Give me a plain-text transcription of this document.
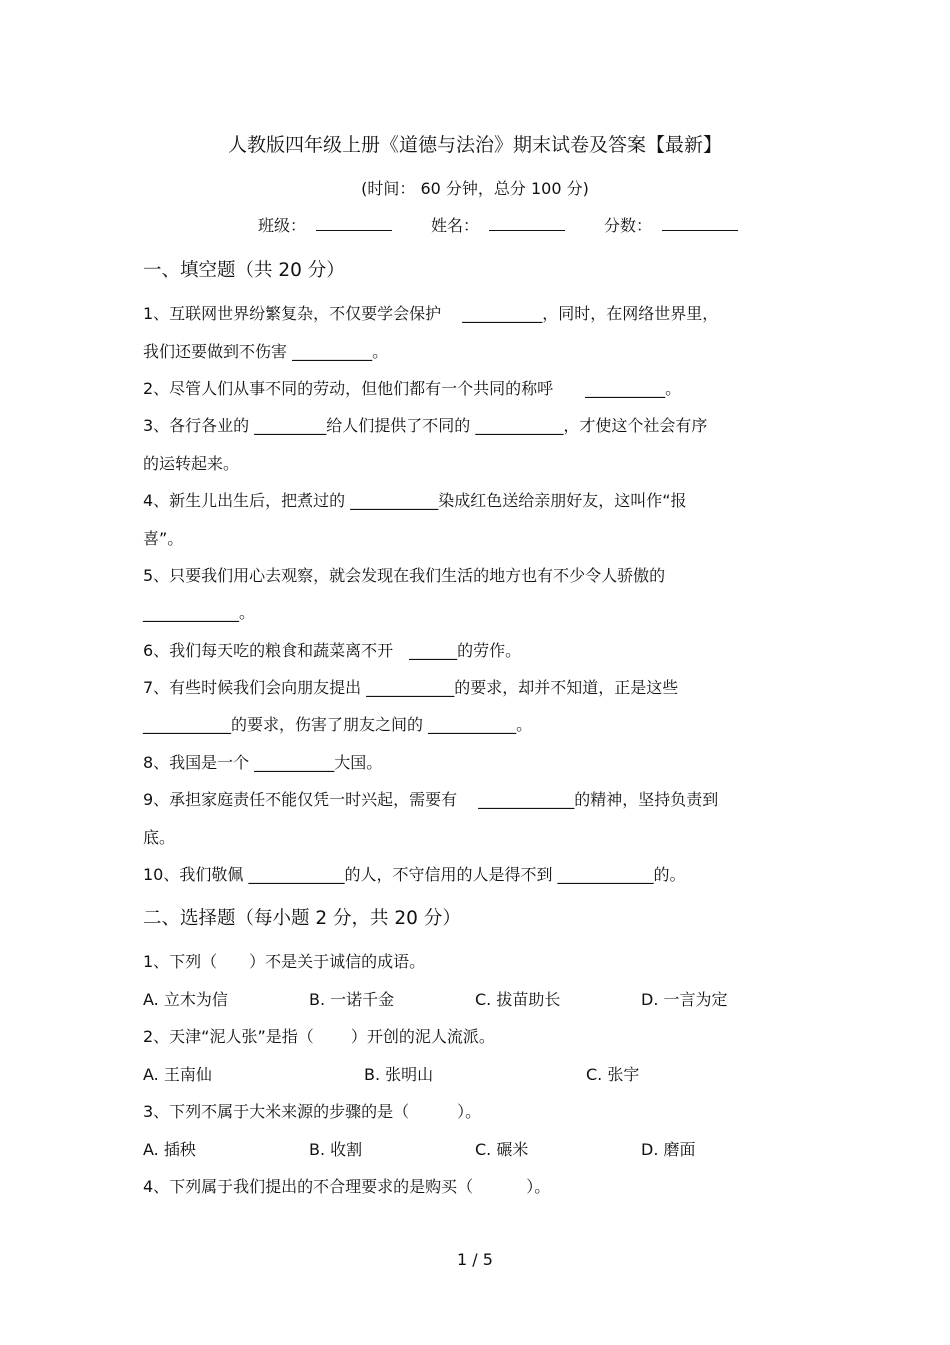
人教版四年级上册《道德与法治》期末试卷及答案【最新】
(时间： 60 分钟，总分 100 分)
班级：	姓名：	分数：
一、填空题（共 20 分）
1、互联网世界纷繁复杂，不仅要学会保护　 __________，同时，在网络世界里，
我们还要做到不伤害 __________。
2、尽管人们从事不同的劳动，但他们都有一个共同的称呼　　__________。
3、各行各业的 _________给人们提供了不同的 ___________，才使这个社会有序
的运转起来。
4、新生儿出生后，把煮过的 ___________染成红色送给亲朋好友，这叫作“报
喜”。
5、只要我们用心去观察，就会发现在我们生活的地方也有不少令人骄傲的
____________。
6、我们每天吃的粮食和蔬菜离不开　______的劳作。
7、有些时候我们会向朋友提出 ___________的要求，却并不知道，正是这些
___________的要求，伤害了朋友之间的 ___________。
8、我国是一个 __________大国。
9、承担家庭责任不能仅凭一时兴起，需要有　 ____________的精神，坚持负责到
底。
10、我们敬佩 ____________的人，不守信用的人是得不到 ____________的。
二、选择题（每小题 2 分，共 20 分）
1、下列（　　）不是关于诚信的成语。
A. 立木为信	B. 一诺千金	C. 拔苗助长	D. 一言为定
2、天津“泥人张”是指（　　 ）开创的泥人流派。
A. 王南仙	B. 张明山	C. 张宇
3、下列不属于大米来源的步骤的是（　　　）。
A. 插秧	B. 收割	C. 碾米	D. 磨面
4、下列属于我们提出的不合理要求的是购买（　　　 ）。
1 / 5
